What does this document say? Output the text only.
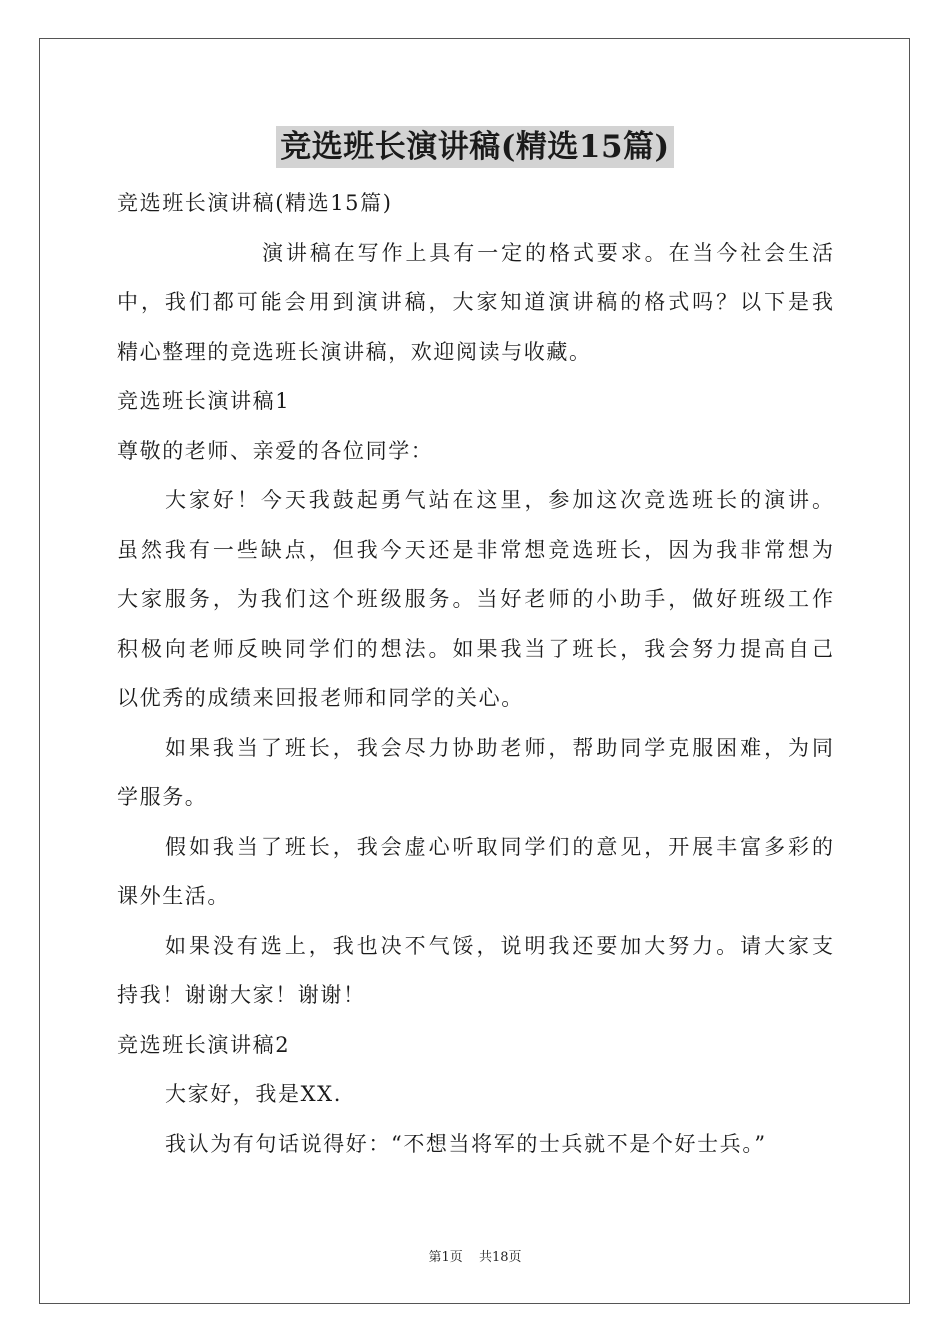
竞选班长演讲稿(精选15篇)
竞选班长演讲稿(精选15篇)
演讲稿在写作上具有一定的格式要求。在当今社会生活
中，我们都可能会用到演讲稿，大家知道演讲稿的格式吗？以下是我
精心整理的竞选班长演讲稿，欢迎阅读与收藏。
竞选班长演讲稿1
尊敬的老师、亲爱的各位同学：
大家好！今天我鼓起勇气站在这里，参加这次竞选班长的演讲。
虽然我有一些缺点，但我今天还是非常想竞选班长，因为我非常想为
大家服务，为我们这个班级服务。当好老师的小助手，做好班级工作
积极向老师反映同学们的想法。如果我当了班长，我会努力提高自己
以优秀的成绩来回报老师和同学的关心。
如果我当了班长，我会尽力协助老师，帮助同学克服困难，为同
学服务。
假如我当了班长，我会虚心听取同学们的意见，开展丰富多彩的
课外生活。
如果没有选上，我也决不气馁，说明我还要加大努力。请大家支
持我！谢谢大家！谢谢！
竞选班长演讲稿2
大家好，我是XX.
我认为有句话说得好：“不想当将军的士兵就不是个好士兵。”
第1页 共18页
